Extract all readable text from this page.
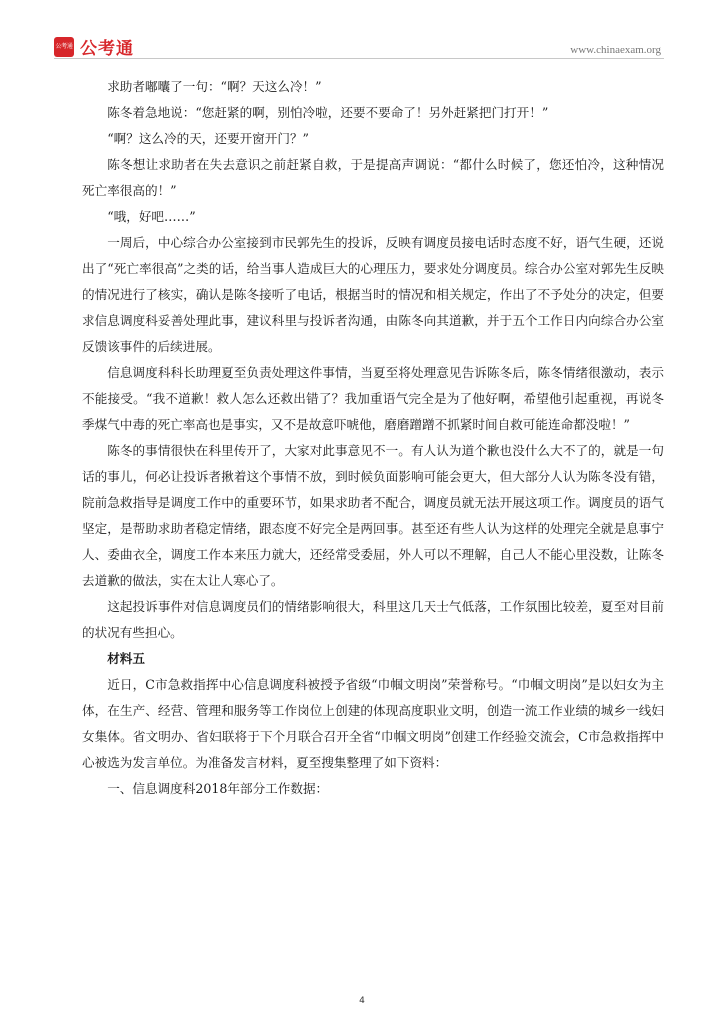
公考通 公考通	www.chinaexam.org

求助者嘟囔了一句：“啊？天这么冷！”

陈冬着急地说：“您赶紧的啊，别怕冷啦，还要不要命了！另外赶紧把门打开！”

“啊？这么冷的天，还要开窗开门？”

陈冬想让求助者在失去意识之前赶紧自救，于是提高声调说：“都什么时候了，您还怕冷，这种情况死亡率很高的！”

“哦，好吧……”

一周后，中心综合办公室接到市民郭先生的投诉，反映有调度员接电话时态度不好，语气生硬，还说出了“死亡率很高”之类的话，给当事人造成巨大的心理压力，要求处分调度员。综合办公室对郭先生反映的情况进行了核实，确认是陈冬接听了电话，根据当时的情况和相关规定，作出了不予处分的决定，但要求信息调度科妥善处理此事，建议科里与投诉者沟通，由陈冬向其道歉，并于五个工作日内向综合办公室反馈该事件的后续进展。

信息调度科科长助理夏至负责处理这件事情，当夏至将处理意见告诉陈冬后，陈冬情绪很激动，表示不能接受。“我不道歉！救人怎么还救出错了？我加重语气完全是为了他好啊，希望他引起重视，再说冬季煤气中毒的死亡率高也是事实，又不是故意吓唬他，磨磨蹭蹭不抓紧时间自救可能连命都没啦！”

陈冬的事情很快在科里传开了，大家对此事意见不一。有人认为道个歉也没什么大不了的，就是一句话的事儿，何必让投诉者揪着这个事情不放，到时候负面影响可能会更大，但大部分人认为陈冬没有错，院前急救指导是调度工作中的重要环节，如果求助者不配合，调度员就无法开展这项工作。调度员的语气坚定，是帮助求助者稳定情绪，跟态度不好完全是两回事。甚至还有些人认为这样的处理完全就是息事宁人、委曲衣全，调度工作本来压力就大，还经常受委屈，外人可以不理解，自己人不能心里没数，让陈冬去道歉的做法，实在太让人寒心了。

这起投诉事件对信息调度员们的情绪影响很大，科里这几天士气低落，工作氛围比较差，夏至对目前的状况有些担心。

材料五

近日，C市急救指挥中心信息调度科被授予省级“巾帼文明岗”荣誉称号。“巾帼文明岗”是以妇女为主体，在生产、经营、管理和服务等工作岗位上创建的体现高度职业文明，创造一流工作业绩的城乡一线妇女集体。省文明办、省妇联将于下个月联合召开全省“巾帼文明岗”创建工作经验交流会，C市急救指挥中心被选为发言单位。为准备发言材料，夏至搜集整理了如下资料：

一、信息调度科2018年部分工作数据：

4
